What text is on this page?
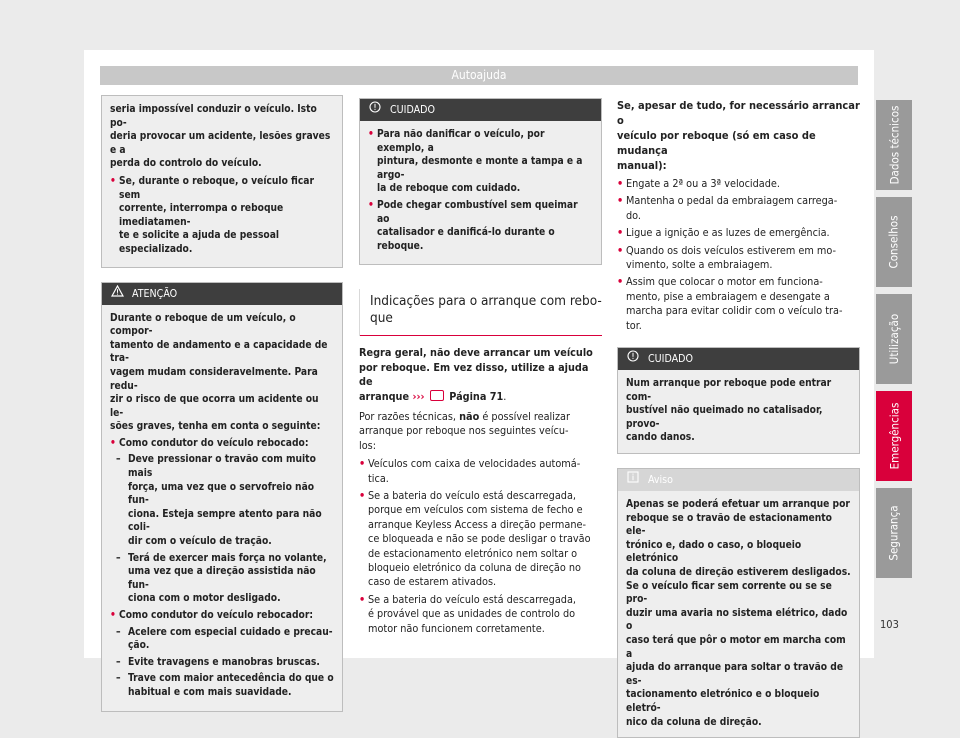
Autoajuda

seria impossível conduzir o veículo. Isto po-
deria provocar um acidente, lesões graves e a
perda do controlo do veículo.

• Se, durante o reboque, o veículo ficar sem
corrente, interrompa o reboque imediatamen-
te e solicite a ajuda de pessoal especializado.
ATENÇÃO

Durante o reboque de um veículo, o compor-
tamento de andamento e a capacidade de tra-
vagem mudam consideravelmente. Para redu-
zir o risco de que ocorra um acidente ou le-
sões graves, tenha em conta o seguinte:

• Como condutor do veículo rebocado:
– Deve pressionar o travão com muito mais
força, uma vez que o servofreio não fun-
ciona. Esteja sempre atento para não coli-
dir com o veículo de tração.
– Terá de exercer mais força no volante,
uma vez que a direção assistida não fun-
ciona com o motor desligado.
• Como condutor do veículo rebocador:
– Acelere com especial cuidado e precau-
ção.
– Evite travagens e manobras bruscas.
– Trave com maior antecedência do que o
habitual e com mais suavidade.
CUIDADO
• Para não danificar o veículo, por exemplo, a
pintura, desmonte e monte a tampa e a argo-
la de reboque com cuidado.
• Pode chegar combustível sem queimar ao
catalisador e danificá-lo durante o reboque.
Indicações para o arranque com rebo-
que

Regra geral, não deve arrancar um veículo
por reboque. Em vez disso, utilize a ajuda de
arranque ››› Página 71.

Por razões técnicas, não é possível realizar
arranque por reboque nos seguintes veícu-
los:

• Veículos com caixa de velocidades automá-
tica.
• Se a bateria do veículo está descarregada,
porque em veículos com sistema de fecho e
arranque Keyless Access a direção permane-
ce bloqueada e não se pode desligar o travão
de estacionamento eletrónico nem soltar o
bloqueio eletrónico da coluna de direção no
caso de estarem ativados.
• Se a bateria do veículo está descarregada,
é provável que as unidades de controlo do
motor não funcionem corretamente.

Se, apesar de tudo, for necessário arrancar o
veículo por reboque (só em caso de mudança
manual):

• Engate a 2ª ou a 3ª velocidade.
• Mantenha o pedal da embraiagem carrega-
do.
• Ligue a ignição e as luzes de emergência.
• Quando os dois veículos estiverem em mo-
vimento, solte a embraiagem.
• Assim que colocar o motor em funciona-
mento, pise a embraiagem e desengate a
marcha para evitar colidir com o veículo tra-
tor.
CUIDADO
Num arranque por reboque pode entrar com-
bustível não queimado no catalisador, provo-
cando danos.
Aviso
Apenas se poderá efetuar um arranque por
reboque se o travão de estacionamento ele-
trónico e, dado o caso, o bloqueio eletrónico
da coluna de direção estiverem desligados.
Se o veículo ficar sem corrente ou se se pro-
duzir uma avaria no sistema elétrico, dado o
caso terá que pôr o motor em marcha com a
ajuda do arranque para soltar o travão de es-
tacionamento eletrónico e o bloqueio eletró-
nico da coluna de direção.
Dados técnicos
Conselhos
Utilização
Emergências
Segurança
103
